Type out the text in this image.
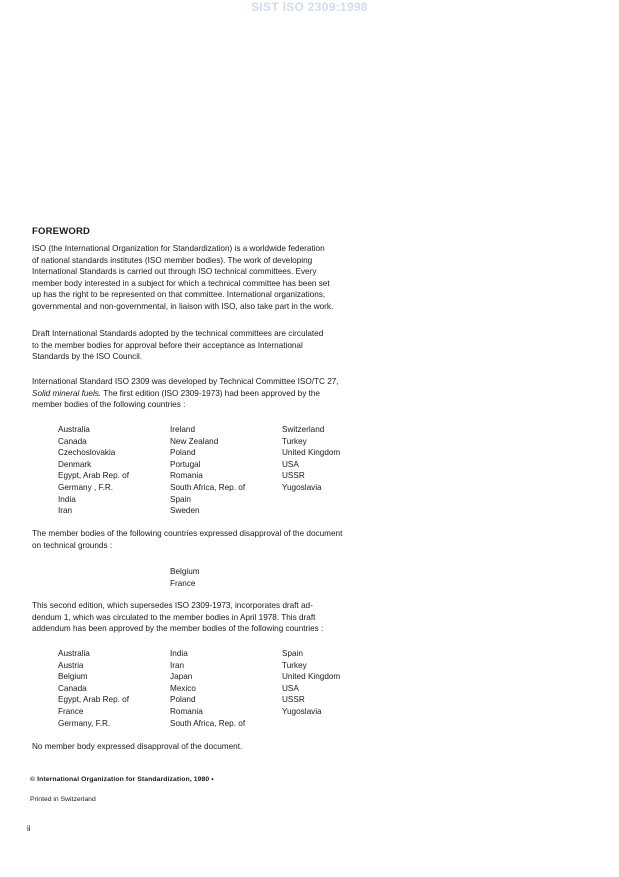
SIST ISO 2309:1998
FOREWORD
ISO (the International Organization for Standardization) is a worldwide federation
of national standards institutes (ISO member bodies). The work of developing
International Standards is carried out through ISO technical committees. Every
member body interested in a subject for which a technical committee has been set
up has the right to be represented on that committee. International organizations,
governmental and non-governmental, in liaison with ISO, also take part in the work.
Draft International Standards adopted by the technical committees are circulated
to the member bodies for approval before their acceptance as International
Standards by the ISO Council.
International Standard ISO 2309 was developed by Technical Committee ISO/TC 27,
Solid mineral fuels. The first edition (ISO 2309-1973) had been approved by the
member bodies of the following countries :
Australia
Canada
Czechoslovakia
Denmark
Egypt, Arab Rep. of
Germany , F.R.
India
Iran
Ireland
New Zealand
Poland
Portugal
Romania
South Africa, Rep. of
Spain
Sweden
Switzerland
Turkey
United Kingdom
USA
USSR
Yugoslavia
The member bodies of the following countries expressed disapproval of the document
on technical grounds :
Belgium
France
This second edition, which supersedes ISO 2309-1973, incorporates draft ad-
dendum 1, which was circulated to the member bodies in April 1978. This draft
addendum has been approved by the member bodies of the following countries :
Australia
Austria
Belgium
Canada
Egypt, Arab Rep. of
France
Germany, F.R.
India
Iran
Japan
Mexico
Poland
Romania
South Africa, Rep. of
Spain
Turkey
United Kingdom
USA
USSR
Yugoslavia
No member body expressed disapproval of the document.
© International Organization for Standardization, 1980 •
Printed in Switzerland
ii
